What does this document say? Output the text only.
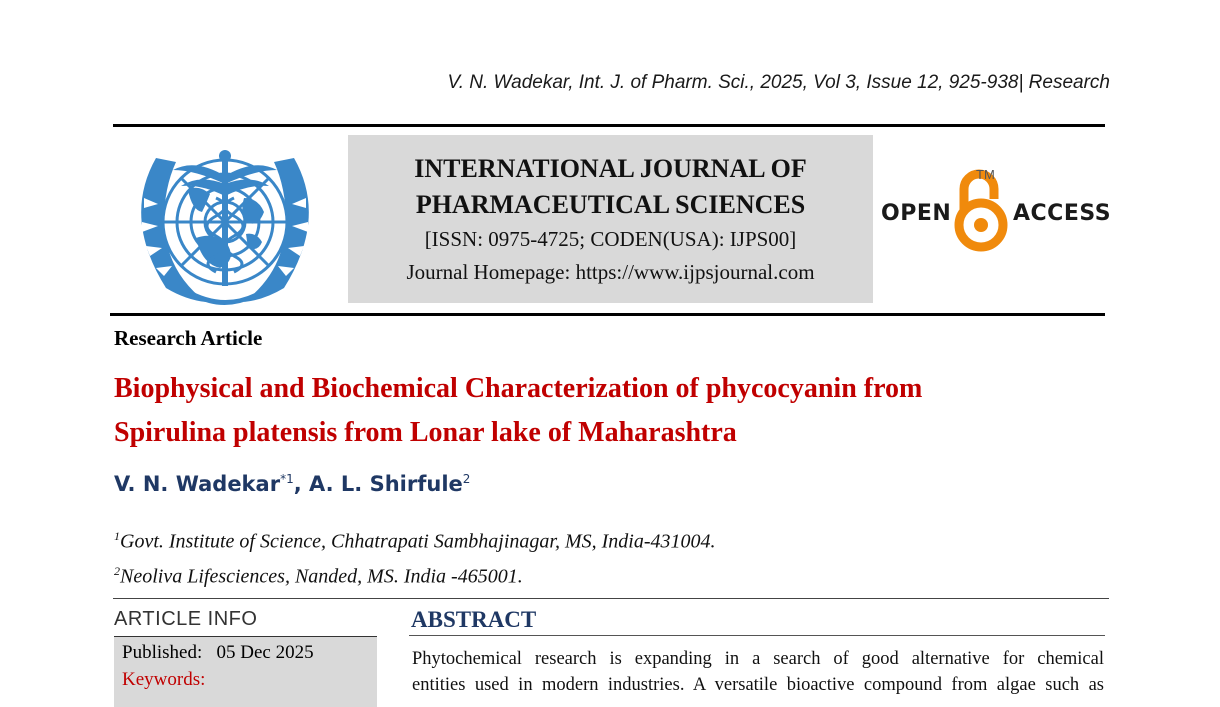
V. N. Wadekar, Int. J. of Pharm. Sci., 2025, Vol 3, Issue 12, 925-938| Research
INTERNATIONAL JOURNAL OF
PHARMACEUTICAL SCIENCES
[ISSN: 0975-4725; CODEN(USA): IJPS00]
Journal Homepage: https://www.ijpsjournal.com
OPEN
TM
ACCESS
Research Article
Biophysical and Biochemical Characterization of phycocyanin from
Spirulina platensis from Lonar lake of Maharashtra
V. N. Wadekar$^{*1}$, A. L. Shirfule$^2$
$^1$Govt. Institute of Science, Chhatrapati Sambhajinagar, MS, India-431004.
$^2$Neoliva Lifesciences, Nanded, MS. India -465001.
ARTICLE INFO
Published: 05 Dec 2025
Keywords:
ABSTRACT
Phytochemical research is expanding in a search of good alternative for chemical
entities used in modern industries. A versatile bioactive compound from algae such as
